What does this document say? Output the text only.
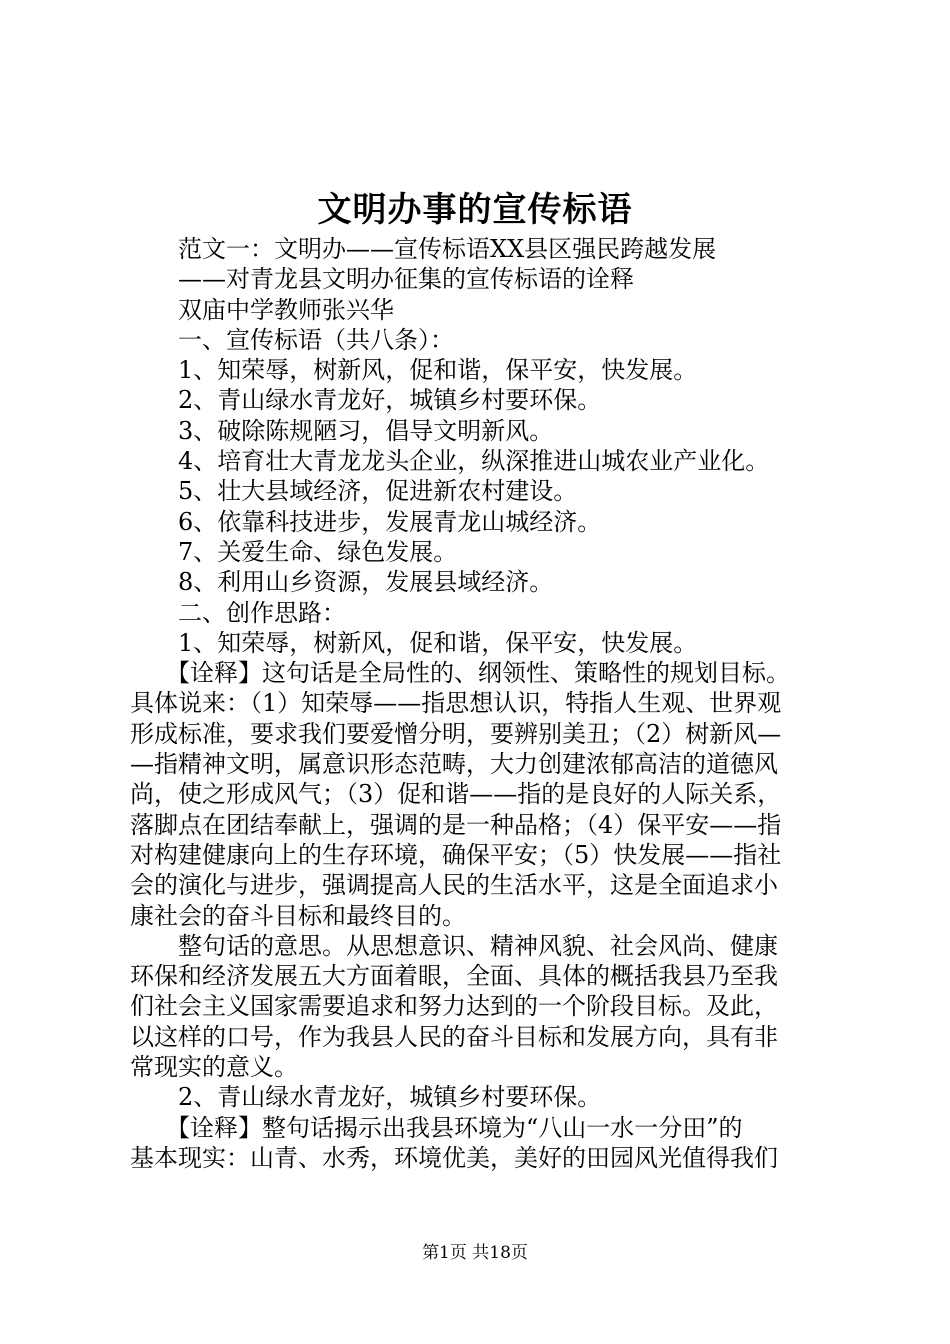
文明办事的宣传标语
范文一：文明办——宣传标语XX县区强民跨越发展
——对青龙县文明办征集的宣传标语的诠释
双庙中学教师张兴华
一、宣传标语（共八条）：
1、知荣辱，树新风，促和谐，保平安，快发展。
2、青山绿水青龙好，城镇乡村要环保。
3、破除陈规陋习，倡导文明新风。
4、培育壮大青龙龙头企业，纵深推进山城农业产业化。
5、壮大县域经济，促进新农村建设。
6、依靠科技进步，发展青龙山城经济。
7、关爱生命、绿色发展。
8、利用山乡资源，发展县域经济。
二、创作思路：
1、知荣辱，树新风，促和谐，保平安，快发展。
【诠释】这句话是全局性的、纲领性、策略性的规划目标。
具体说来：（1）知荣辱——指思想认识，特指人生观、世界观
形成标准，要求我们要爱憎分明，要辨别美丑；（2）树新风—
—指精神文明，属意识形态范畴，大力创建浓郁高洁的道德风
尚，使之形成风气；（3）促和谐——指的是良好的人际关系，
落脚点在团结奉献上，强调的是一种品格；（4）保平安——指
对构建健康向上的生存环境，确保平安；（5）快发展——指社
会的演化与进步，强调提高人民的生活水平，这是全面追求小
康社会的奋斗目标和最终目的。
整句话的意思。从思想意识、精神风貌、社会风尚、健康
环保和经济发展五大方面着眼，全面、具体的概括我县乃至我
们社会主义国家需要追求和努力达到的一个阶段目标。及此，
以这样的口号，作为我县人民的奋斗目标和发展方向，具有非
常现实的意义。
2、青山绿水青龙好，城镇乡村要环保。
【诠释】整句话揭示出我县环境为“八山一水一分田”的
基本现实：山青、水秀，环境优美，美好的田园风光值得我们
第1页 共18页
